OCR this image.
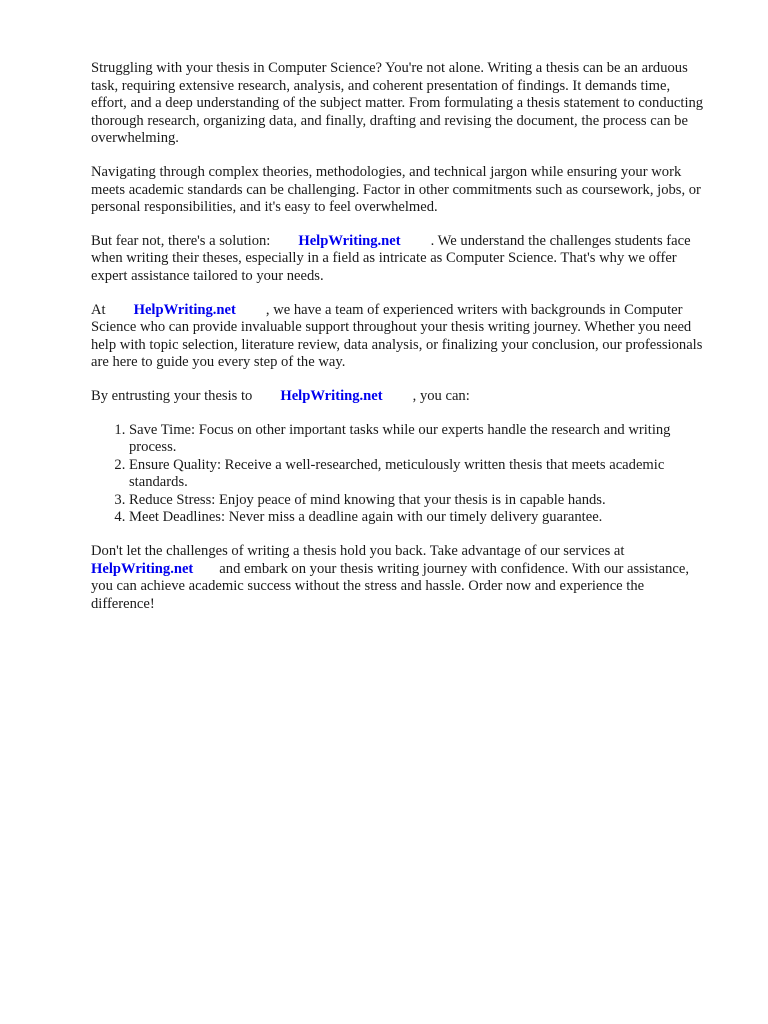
Struggling with your thesis in Computer Science? You're not alone. Writing a thesis can be an arduous task, requiring extensive research, analysis, and coherent presentation of findings. It demands time, effort, and a deep understanding of the subject matter. From formulating a thesis statement to conducting thorough research, organizing data, and finally, drafting and revising the document, the process can be overwhelming.

Navigating through complex theories, methodologies, and technical jargon while ensuring your work meets academic standards can be challenging. Factor in other commitments such as coursework, jobs, or personal responsibilities, and it's easy to feel overwhelmed.

But fear not, there's a solution: HelpWriting.net . We understand the challenges students face when writing their theses, especially in a field as intricate as Computer Science. That's why we offer expert assistance tailored to your needs.

At HelpWriting.net , we have a team of experienced writers with backgrounds in Computer Science who can provide invaluable support throughout your thesis writing journey. Whether you need help with topic selection, literature review, data analysis, or finalizing your conclusion, our professionals are here to guide you every step of the way.

By entrusting your thesis to HelpWriting.net , you can:

1. Save Time: Focus on other important tasks while our experts handle the research and writing process.
2. Ensure Quality: Receive a well-researched, meticulously written thesis that meets academic standards.
3. Reduce Stress: Enjoy peace of mind knowing that your thesis is in capable hands.
4. Meet Deadlines: Never miss a deadline again with our timely delivery guarantee.

Don't let the challenges of writing a thesis hold you back. Take advantage of our services at HelpWriting.net and embark on your thesis writing journey with confidence. With our assistance, you can achieve academic success without the stress and hassle. Order now and experience the difference!
